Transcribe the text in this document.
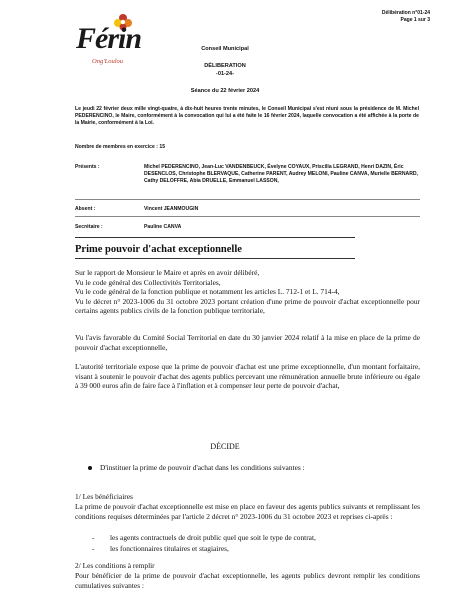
Férin
Ong'Loulou
Délibération n°01-24
Page 1 sur 3
Conseil Municipal
DÉLIBERATION
-01-24-
Séance du 22 février 2024
Le jeudi 22 février deux mille vingt-quatre, à dix-huit heures trente minutes, le Conseil Municipal s'est réuni sous la présidence de M. Michel PEDERENCINO, le Maire, conformément à la convocation qui lui a été faite le 16 février 2024, laquelle convocation a été affichée à la porte de la Mairie, conformément à la Loi.
Nombre de membres en exercice : 15
Présents :	Michel PEDERENCINO, Jean-Luc VANDENBEUCK, Évelyne COYAUX, Priscilla LEGRAND, Henri DAZIN, Éric DESENCLOS, Christophe BLERVAQUE, Catherine PARENT, Audrey MELONI, Pauline CANVA, Murielle BERNARD, Cathy DELOFFRE, Abia DRUELLE, Emmanuel LASSON,
Absent :	Vincent JEANMOUGIN
Secrétaire :	Pauline CANVA
Prime pouvoir d'achat exceptionnelle
Sur le rapport de Monsieur le Maire et après en avoir délibéré,
Vu le code général des Collectivités Territoriales,
Vu le code général de la fonction publique et notamment les articles L. 712-1 et L. 714-4,
Vu le décret n° 2023-1006 du 31 octobre 2023 portant création d'une prime de pouvoir d'achat exceptionnelle pour certains agents publics civils de la fonction publique territoriale,
Vu l'avis favorable du Comité Social Territorial en date du 30 janvier 2024 relatif à la mise en place de la prime de pouvoir d'achat exceptionnelle,
L'autorité territoriale expose que la prime de pouvoir d'achat est une prime exceptionnelle, d'un montant forfaitaire, visant à soutenir le pouvoir d'achat des agents publics percevant une rémunération annuelle brute inférieure ou égale à 39 000 euros afin de faire face à l'inflation et à compenser leur perte de pouvoir d'achat,
DÉCIDE
D'instituer la prime de pouvoir d'achat dans les conditions suivantes :
1/ Les bénéficiaires
La prime de pouvoir d'achat exceptionnelle est mise en place en faveur des agents publics suivants et remplissant les conditions requises déterminées par l'article 2 décret n° 2023-1006 du 31 octobre 2023 et reprises ci-après :
- les agents contractuels de droit public quel que soit le type de contrat,
- les fonctionnaires titulaires et stagiaires,
2/ Les conditions à remplir
Pour bénéficier de la prime de pouvoir d'achat exceptionnelle, les agents publics devront remplir les conditions cumulatives suivantes :
